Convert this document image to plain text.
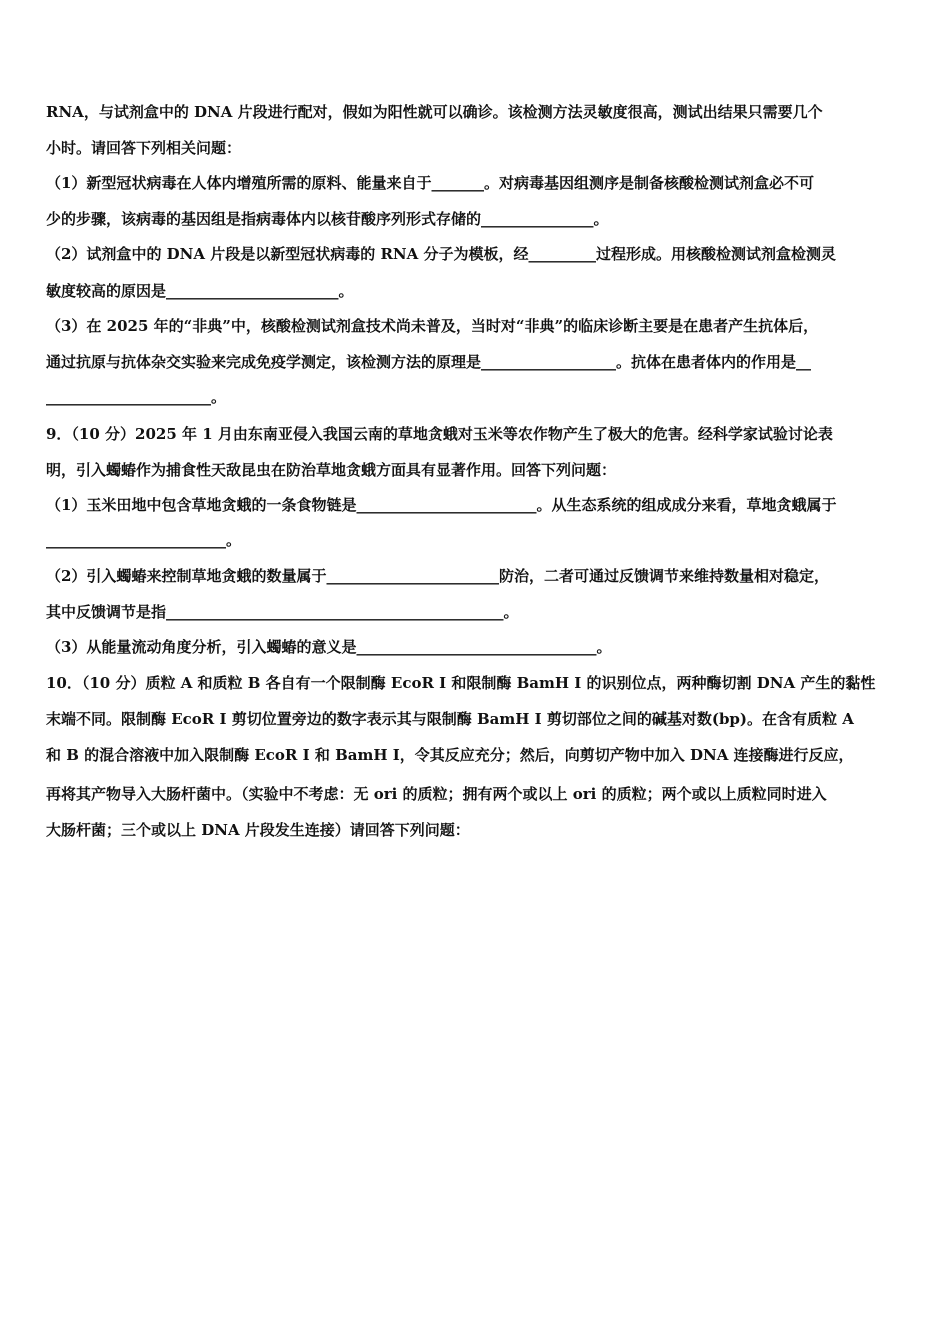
RNA，与试剂盒中的 DNA 片段进行配对，假如为阳性就可以确诊。该检测方法灵敏度很高，测试出结果只需要几个
小时。请回答下列相关问题：
（1）新型冠状病毒在人体内增殖所需的原料、能量来自于_______。对病毒基因组测序是制备核酸检测试剂盒必不可
少的步骤，该病毒的基因组是指病毒体内以核苷酸序列形式存储的_______________。
（2）试剂盒中的 DNA 片段是以新型冠状病毒的 RNA 分子为模板，经_________过程形成。用核酸检测试剂盒检测灵
敏度较高的原因是_______________________。
（3）在 2025 年的“非典”中，核酸检测试剂盒技术尚未普及，当时对“非典”的临床诊断主要是在患者产生抗体后，
通过抗原与抗体杂交实验来完成免疫学测定，该检测方法的原理是__________________。抗体在患者体内的作用是__
______________________。
9．（10 分）2025 年 1 月由东南亚侵入我国云南的草地贪蛾对玉米等农作物产生了极大的危害。经科学家试验讨论表
明，引入蠋蝽作为捕食性天敌昆虫在防治草地贪蛾方面具有显著作用。回答下列问题：
（1）玉米田地中包含草地贪蛾的一条食物链是________________________。从生态系统的组成成分来看，草地贪蛾属于
________________________。
（2）引入蠋蝽来控制草地贪蛾的数量属于_______________________防治，二者可通过反馈调节来维持数量相对稳定，
其中反馈调节是指_____________________________________________。
（3）从能量流动角度分析，引入蠋蝽的意义是________________________________。
10．（10 分）质粒 A 和质粒 B 各自有一个限制酶 EcoR I 和限制酶 BamH I 的识别位点，两种酶切割 DNA 产生的黏性
末端不同。限制酶 EcoR I 剪切位置旁边的数字表示其与限制酶 BamH I 剪切部位之间的碱基对数(bp)。在含有质粒 A
和 B 的混合溶液中加入限制酶 EcoR I 和 BamH I，令其反应充分；然后，向剪切产物中加入 DNA 连接酶进行反应，
再将其产物导入大肠杆菌中。（实验中不考虑：无 ori 的质粒；拥有两个或以上 ori 的质粒；两个或以上质粒同时进入
大肠杆菌；三个或以上 DNA 片段发生连接）请回答下列问题：
